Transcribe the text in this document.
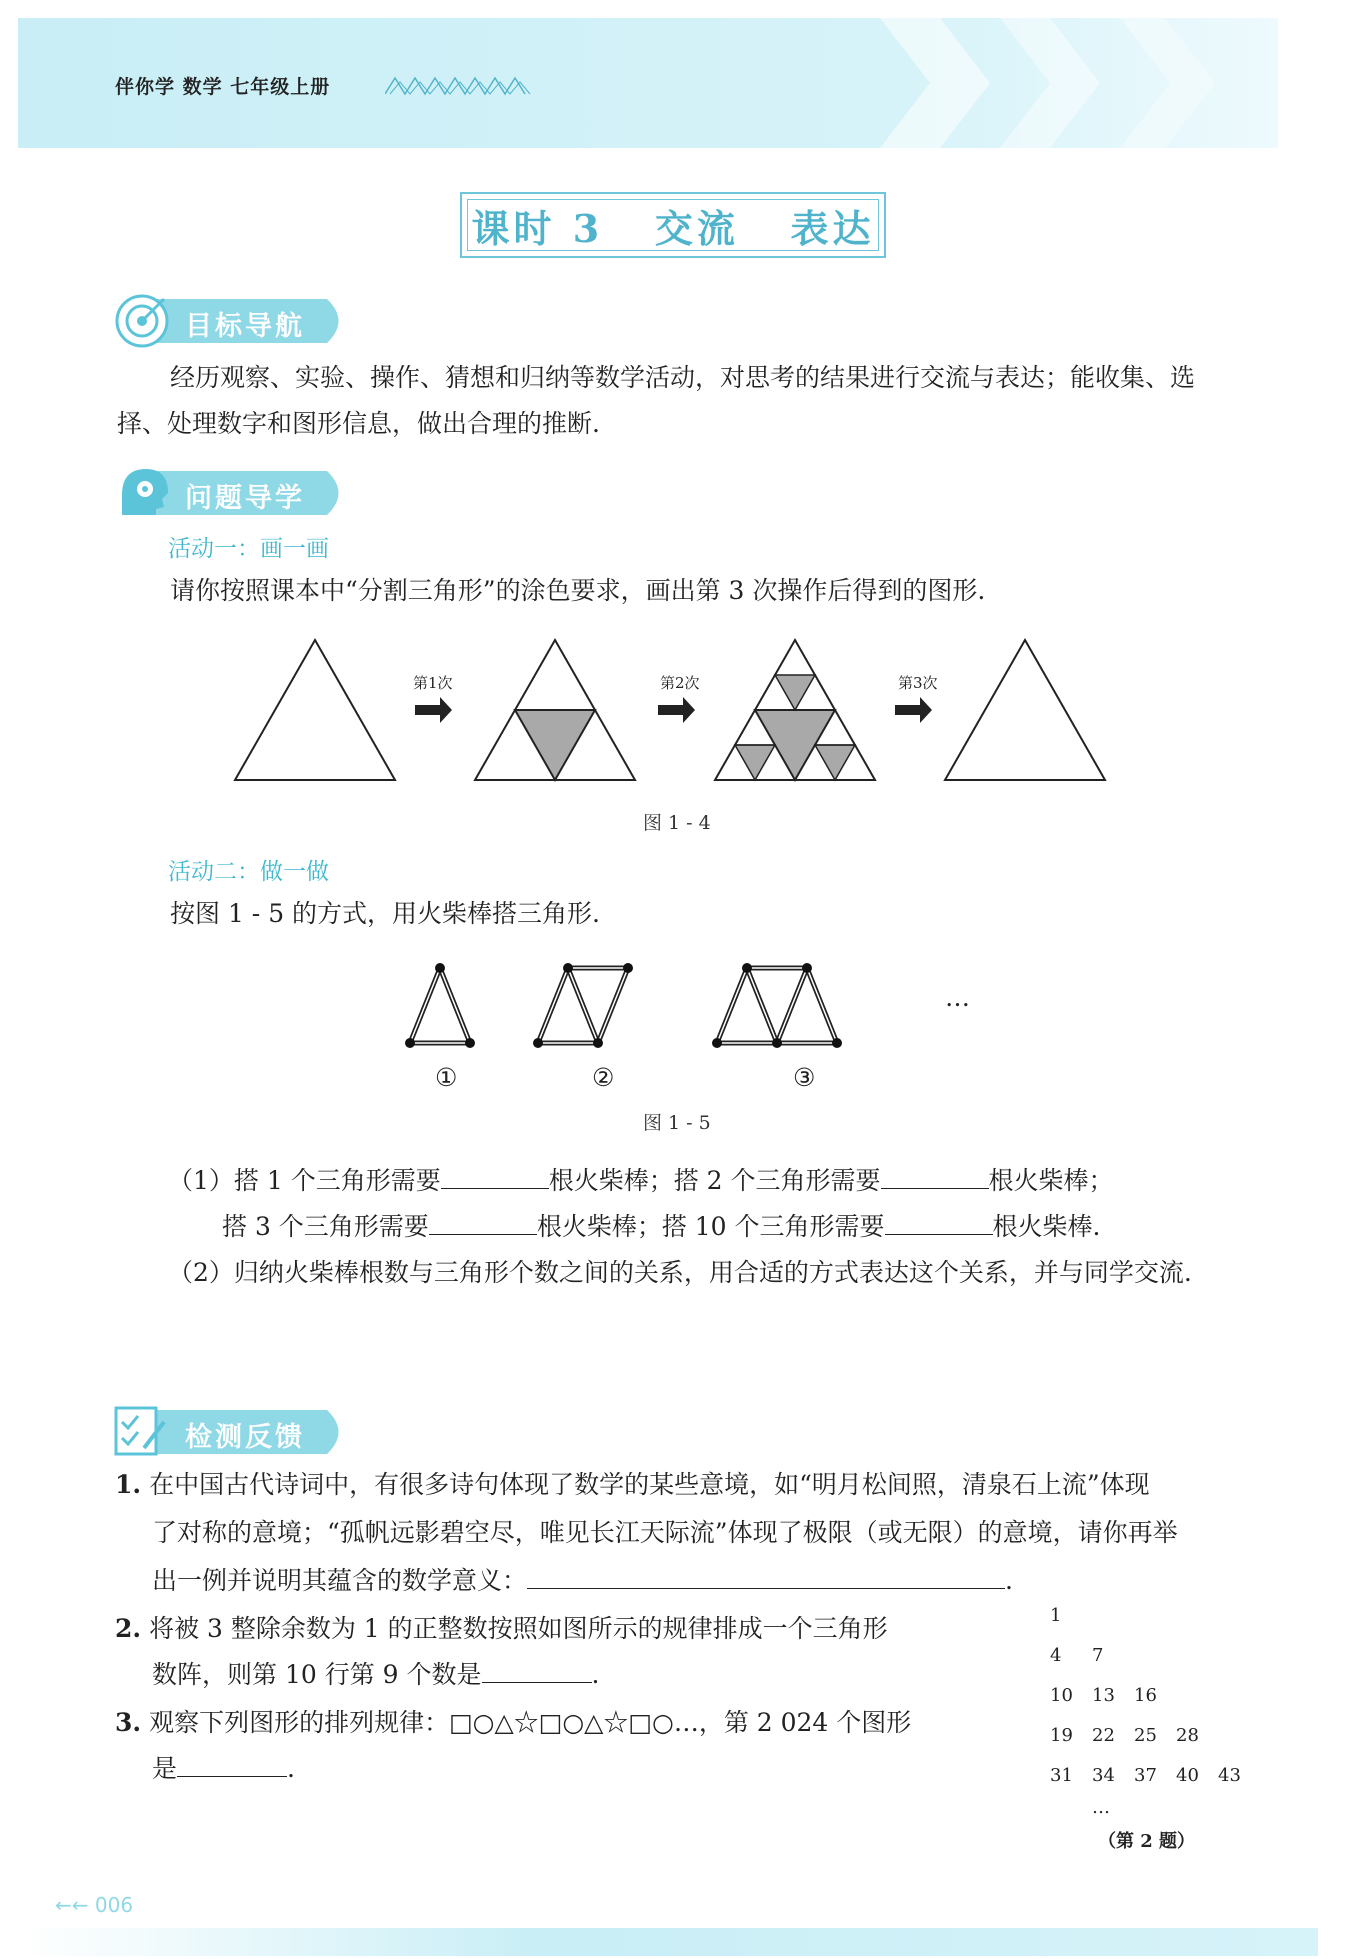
伴你学 数学 七年级上册
课时 3   交流   表达
目标导航
经历观察、实验、操作、猜想和归纳等数学活动，对思考的结果进行交流与表达；能收集、选
择、处理数字和图形信息，做出合理的推断.
问题导学
活动一：画一画
请你按照课本中“分割三角形”的涂色要求，画出第 3 次操作后得到的图形.
第1次	第2次	第3次
图 1 - 4
活动二：做一做
按图 1 - 5 的方式，用火柴棒搭三角形.
…
①	②	③
图 1 - 5
（1）搭 1 个三角形需要	根火柴棒；搭 2 个三角形需要	根火柴棒；
搭 3 个三角形需要	根火柴棒；搭 10 个三角形需要	根火柴棒.
（2）归纳火柴棒根数与三角形个数之间的关系，用合适的方式表达这个关系，并与同学交流.
检测反馈
1. 在中国古代诗词中，有很多诗句体现了数学的某些意境，如“明月松间照，清泉石上流”体现
了对称的意境；“孤帆远影碧空尽，唯见长江天际流”体现了极限（或无限）的意境，请你再举
出一例并说明其蕴含的数学意义：	.
2. 将被 3 整除余数为 1 的正整数按照如图所示的规律排成一个三角形
数阵，则第 10 行第 9 个数是	.
3. 观察下列图形的排列规律：□○△☆□○△☆□○…，第 2 024 个图形
是	.
1
4 7
10 13 16
19 22 25 28
31 34 37 40 43
…
（第 2 题）
←← 006
